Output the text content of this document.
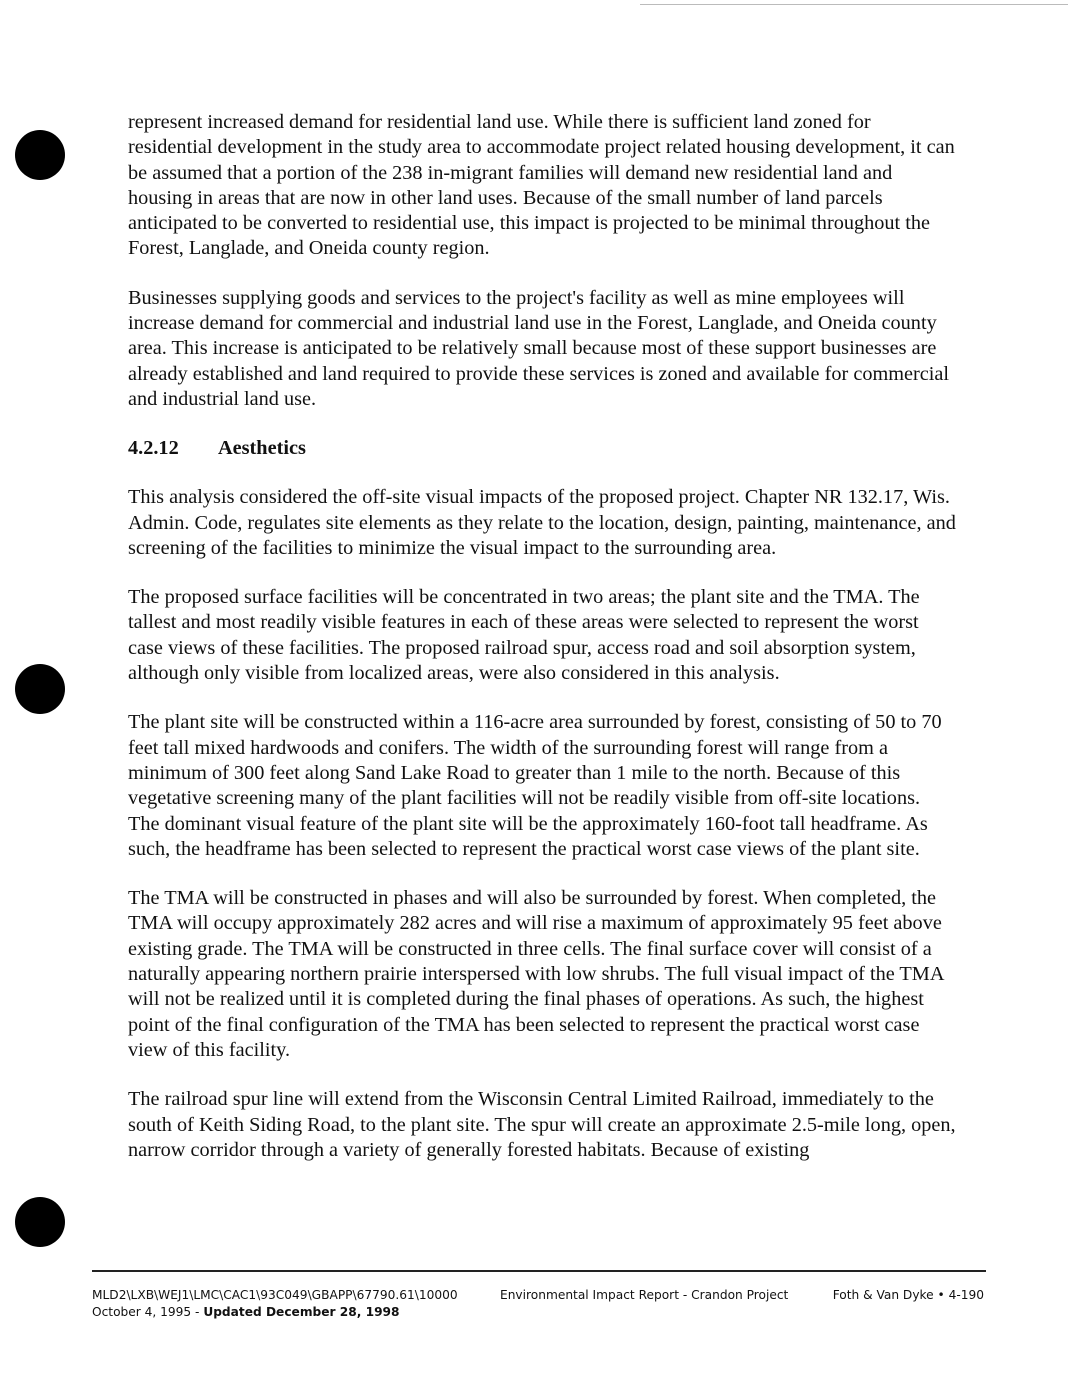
represent increased demand for residential land use. While there is sufficient land zoned for residential development in the study area to accommodate project related housing development, it can be assumed that a portion of the 238 in-migrant families will demand new residential land and housing in areas that are now in other land uses. Because of the small number of land parcels anticipated to be converted to residential use, this impact is projected to be minimal throughout the Forest, Langlade, and Oneida county region.

Businesses supplying goods and services to the project's facility as well as mine employees will increase demand for commercial and industrial land use in the Forest, Langlade, and Oneida county area. This increase is anticipated to be relatively small because most of these support businesses are already established and land required to provide these services is zoned and available for commercial and industrial land use.

4.2.12	Aesthetics

This analysis considered the off-site visual impacts of the proposed project. Chapter NR 132.17, Wis. Admin. Code, regulates site elements as they relate to the location, design, painting, maintenance, and screening of the facilities to minimize the visual impact to the surrounding area.

The proposed surface facilities will be concentrated in two areas; the plant site and the TMA. The tallest and most readily visible features in each of these areas were selected to represent the worst case views of these facilities. The proposed railroad spur, access road and soil absorption system, although only visible from localized areas, were also considered in this analysis.

The plant site will be constructed within a 116-acre area surrounded by forest, consisting of 50 to 70 feet tall mixed hardwoods and conifers. The width of the surrounding forest will range from a minimum of 300 feet along Sand Lake Road to greater than 1 mile to the north. Because of this vegetative screening many of the plant facilities will not be readily visible from off-site locations. The dominant visual feature of the plant site will be the approximately 160-foot tall headframe. As such, the headframe has been selected to represent the practical worst case views of the plant site.

The TMA will be constructed in phases and will also be surrounded by forest. When completed, the TMA will occupy approximately 282 acres and will rise a maximum of approximately 95 feet above existing grade. The TMA will be constructed in three cells. The final surface cover will consist of a naturally appearing northern prairie interspersed with low shrubs. The full visual impact of the TMA will not be realized until it is completed during the final phases of operations. As such, the highest point of the final configuration of the TMA has been selected to represent the practical worst case view of this facility.

The railroad spur line will extend from the Wisconsin Central Limited Railroad, immediately to the south of Keith Siding Road, to the plant site. The spur will create an approximate 2.5-mile long, open, narrow corridor through a variety of generally forested habitats. Because of existing

MLD2\LXB\WEJ1\LMC\CAC1\93C049\GBAPP\67790.61\10000
October 4, 1995 - Updated December 28, 1998
Environmental Impact Report - Crandon Project	Foth & Van Dyke • 4-190
